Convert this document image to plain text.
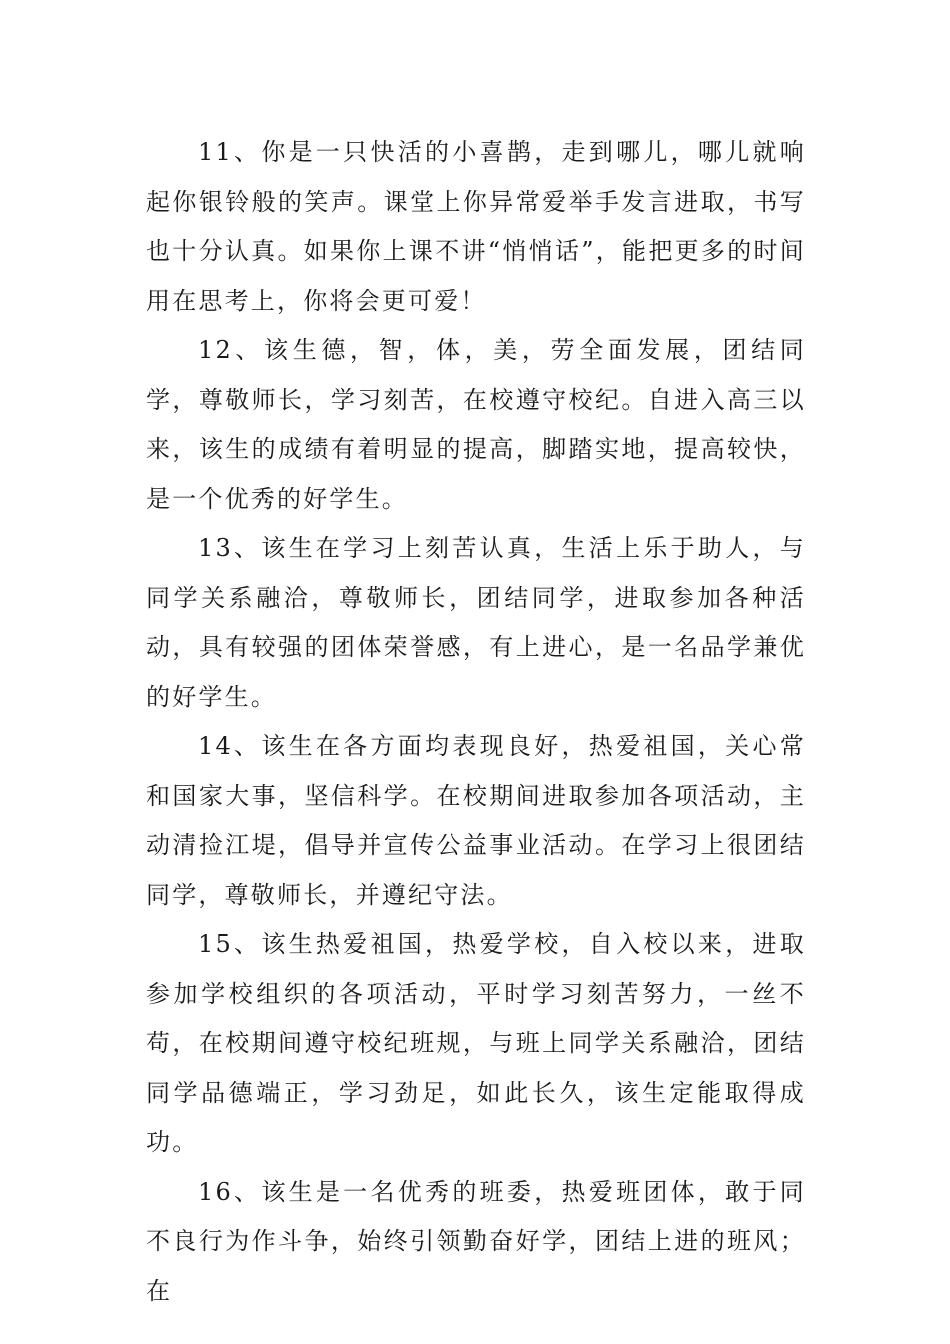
11、你是一只快活的小喜鹊，走到哪儿，哪儿就响起你银铃般的笑声。课堂上你异常爱举手发言进取，书写也十分认真。如果你上课不讲“悄悄话”，能把更多的时间用在思考上，你将会更可爱！

12、该生德，智，体，美，劳全面发展，团结同学，尊敬师长，学习刻苦，在校遵守校纪。自进入高三以来，该生的成绩有着明显的提高，脚踏实地，提高较快，是一个优秀的好学生。

13、该生在学习上刻苦认真，生活上乐于助人，与同学关系融洽，尊敬师长，团结同学，进取参加各种活动，具有较强的团体荣誉感，有上进心，是一名品学兼优的好学生。

14、该生在各方面均表现良好，热爱祖国，关心常和国家大事，坚信科学。在校期间进取参加各项活动，主动清捡江堤，倡导并宣传公益事业活动。在学习上很团结同学，尊敬师长，并遵纪守法。

15、该生热爱祖国，热爱学校，自入校以来，进取参加学校组织的各项活动，平时学习刻苦努力，一丝不苟，在校期间遵守校纪班规，与班上同学关系融洽，团结同学品德端正，学习劲足，如此长久，该生定能取得成功。

16、该生是一名优秀的班委，热爱班团体，敢于同不良行为作斗争，始终引领勤奋好学，团结上进的班风；在
